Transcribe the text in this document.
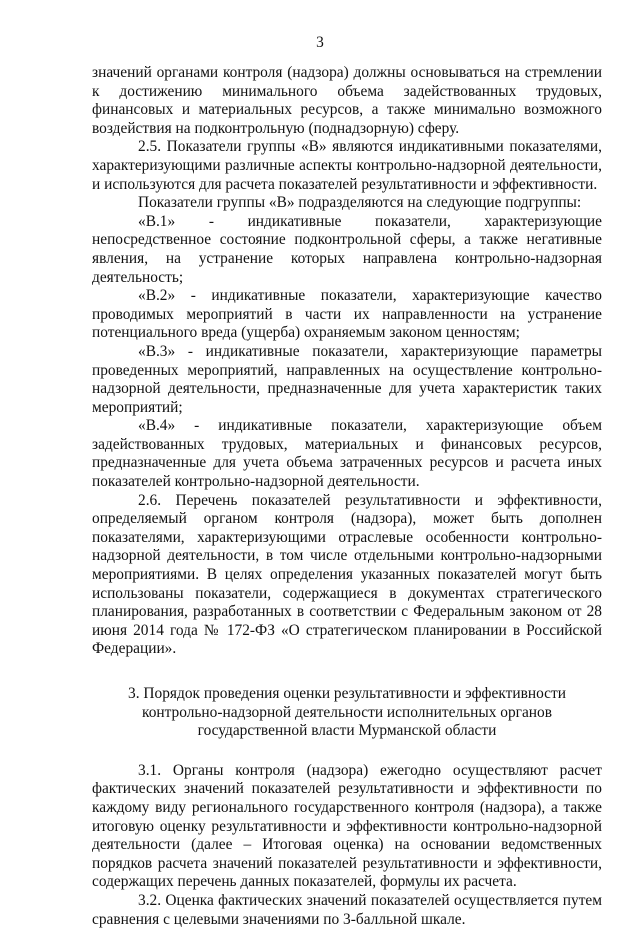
3

значений органами контроля (надзора) должны основываться на стремлении к достижению минимального объема задействованных трудовых, финансовых и материальных ресурсов, а также минимально возможного воздействия на подконтрольную (поднадзорную) сферу.

2.5. Показатели группы «В» являются индикативными показателями, характеризующими различные аспекты контрольно-надзорной деятельности, и используются для расчета показателей результативности и эффективности.

Показатели группы «В» подразделяются на следующие подгруппы:

«В.1» - индикативные показатели, характеризующие непосредственное состояние подконтрольной сферы, а также негативные явления, на устранение которых направлена контрольно-надзорная деятельность;

«В.2» - индикативные показатели, характеризующие качество проводимых мероприятий в части их направленности на устранение потенциального вреда (ущерба) охраняемым законом ценностям;

«В.3» - индикативные показатели, характеризующие параметры проведенных мероприятий, направленных на осуществление контрольно-надзорной деятельности, предназначенные для учета характеристик таких мероприятий;

«В.4» - индикативные показатели, характеризующие объем задействованных трудовых, материальных и финансовых ресурсов, предназначенные для учета объема затраченных ресурсов и расчета иных показателей контрольно-надзорной деятельности.

2.6. Перечень показателей результативности и эффективности, определяемый органом контроля (надзора), может быть дополнен показателями, характеризующими отраслевые особенности контрольно-надзорной деятельности, в том числе отдельными контрольно-надзорными мероприятиями. В целях определения указанных показателей могут быть использованы показатели, содержащиеся в документах стратегического планирования, разработанных в соответствии с Федеральным законом от 28 июня 2014 года № 172-ФЗ «О стратегическом планировании в Российской Федерации».

3. Порядок проведения оценки результативности и эффективности
контрольно-надзорной деятельности исполнительных органов
государственной власти Мурманской области

3.1. Органы контроля (надзора) ежегодно осуществляют расчет фактических значений показателей результативности и эффективности по каждому виду регионального государственного контроля (надзора), а также итоговую оценку результативности и эффективности контрольно-надзорной деятельности (далее – Итоговая оценка) на основании ведомственных порядков расчета значений показателей результативности и эффективности, содержащих перечень данных показателей, формулы их расчета.

3.2. Оценка фактических значений показателей осуществляется путем сравнения с целевыми значениями по 3-балльной шкале.
